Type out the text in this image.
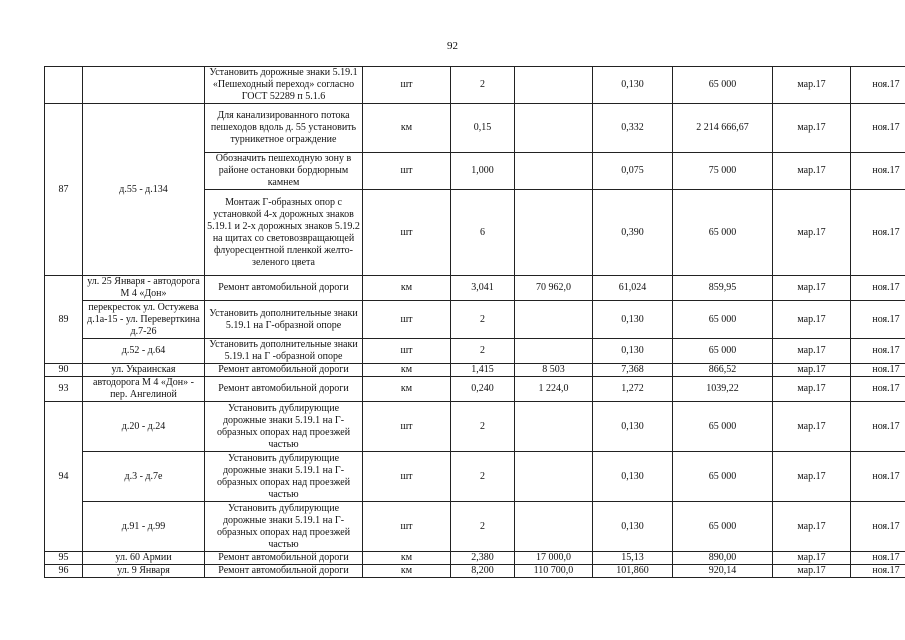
92
		Установить дорожные знаки 5.19.1 «Пешеходный переход» согласно ГОСТ 52289 п 5.1.6	шт	2		0,130	65 000	мар.17	ноя.17
87	д.55 - д.134	Для канализированного потока пешеходов вдоль д. 55 установить турникетное ограждение	км	0,15		0,332	2 214 666,67	мар.17	ноя.17
		Обозначить пешеходную зону в районе остановки бордюрным камнем	шт	1,000		0,075	75 000	мар.17	ноя.17
		Монтаж Г-образных опор с установкой 4-х дорожных знаков 5.19.1 и 2-х дорожных знаков 5.19.2 на щитах со световозвращающей флуоресцентной пленкой желто-зеленого цвета	шт	6		0,390	65 000	мар.17	ноя.17
89	ул. 25 Января - автодорога М 4 «Дон»	Ремонт автомобильной дороги	км	3,041	70 962,0	61,024	859,95	мар.17	ноя.17
	перекресток ул. Остужева д.1а-15 - ул. Переверткина д.7-26	Установить дополнительные знаки 5.19.1 на Г-образной опоре	шт	2		0,130	65 000	мар.17	ноя.17
	д.52 - д.64	Установить дополнительные знаки 5.19.1 на Г -образной опоре	шт	2		0,130	65 000	мар.17	ноя.17
90	ул. Украинская	Ремонт автомобильной дороги	км	1,415	8 503	7,368	866,52	мар.17	ноя.17
93	автодорога М 4 «Дон» - пер. Ангелиной	Ремонт автомобильной дороги	км	0,240	1 224,0	1,272	1039,22	мар.17	ноя.17
94	д.20 - д.24	Установить дублирующие дорожные знаки 5.19.1 на Г-образных опорах над проезжей частью	шт	2		0,130	65 000	мар.17	ноя.17
	д.3 - д.7е	Установить дублирующие дорожные знаки 5.19.1 на Г-образных опорах над проезжей частью	шт	2		0,130	65 000	мар.17	ноя.17
	д.91 - д.99	Установить дублирующие дорожные знаки 5.19.1 на Г-образных опорах над проезжей частью	шт	2		0,130	65 000	мар.17	ноя.17
95	ул. 60 Армии	Ремонт автомобильной дороги	км	2,380	17 000,0	15,13	890,00	мар.17	ноя.17
96	ул. 9 Января	Ремонт автомобильной дороги	км	8,200	110 700,0	101,860	920,14	мар.17	ноя.17
